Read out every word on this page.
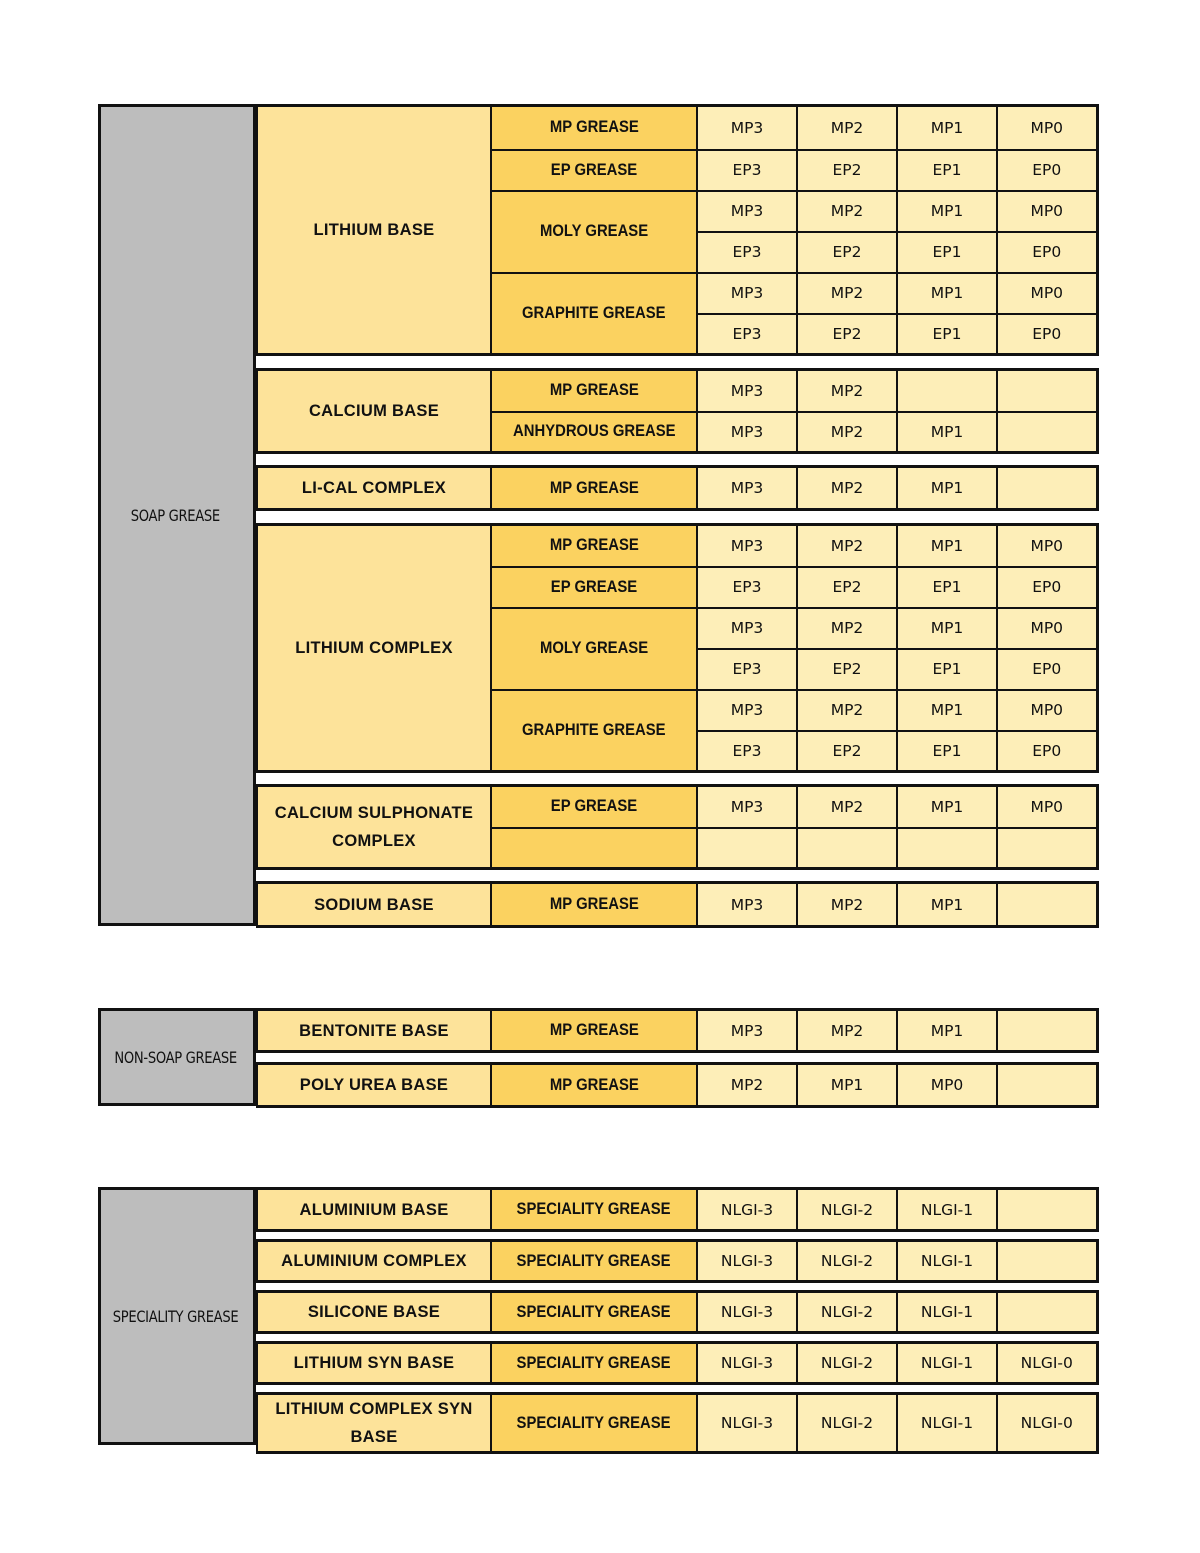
SOAP GREASE
LITHIUM BASE	MP GREASE	MP3	MP2	MP1	MP0
	EP GREASE	EP3	EP2	EP1	EP0
	MOLY GREASE	MP3	MP2	MP1	MP0
		EP3	EP2	EP1	EP0
	GRAPHITE GREASE	MP3	MP2	MP1	MP0
		EP3	EP2	EP1	EP0
CALCIUM BASE	MP GREASE	MP3	MP2		
	ANHYDROUS GREASE	MP3	MP2	MP1	
LI-CAL COMPLEX	MP GREASE	MP3	MP2	MP1	
LITHIUM COMPLEX	MP GREASE	MP3	MP2	MP1	MP0
	EP GREASE	EP3	EP2	EP1	EP0
	MOLY GREASE	MP3	MP2	MP1	MP0
		EP3	EP2	EP1	EP0
	GRAPHITE GREASE	MP3	MP2	MP1	MP0
		EP3	EP2	EP1	EP0
CALCIUM SULPHONATE COMPLEX	EP GREASE	MP3	MP2	MP1	MP0

SODIUM BASE	MP GREASE	MP3	MP2	MP1	
NON-SOAP GREASE
BENTONITE BASE	MP GREASE	MP3	MP2	MP1	
POLY UREA BASE	MP GREASE	MP2	MP1	MP0	
SPECIALITY GREASE
ALUMINIUM BASE	SPECIALITY GREASE	NLGI-3	NLGI-2	NLGI-1	
ALUMINIUM COMPLEX	SPECIALITY GREASE	NLGI-3	NLGI-2	NLGI-1	
SILICONE BASE	SPECIALITY GREASE	NLGI-3	NLGI-2	NLGI-1	
LITHIUM SYN BASE	SPECIALITY GREASE	NLGI-3	NLGI-2	NLGI-1	NLGI-0
LITHIUM COMPLEX SYN BASE	SPECIALITY GREASE	NLGI-3	NLGI-2	NLGI-1	NLGI-0
